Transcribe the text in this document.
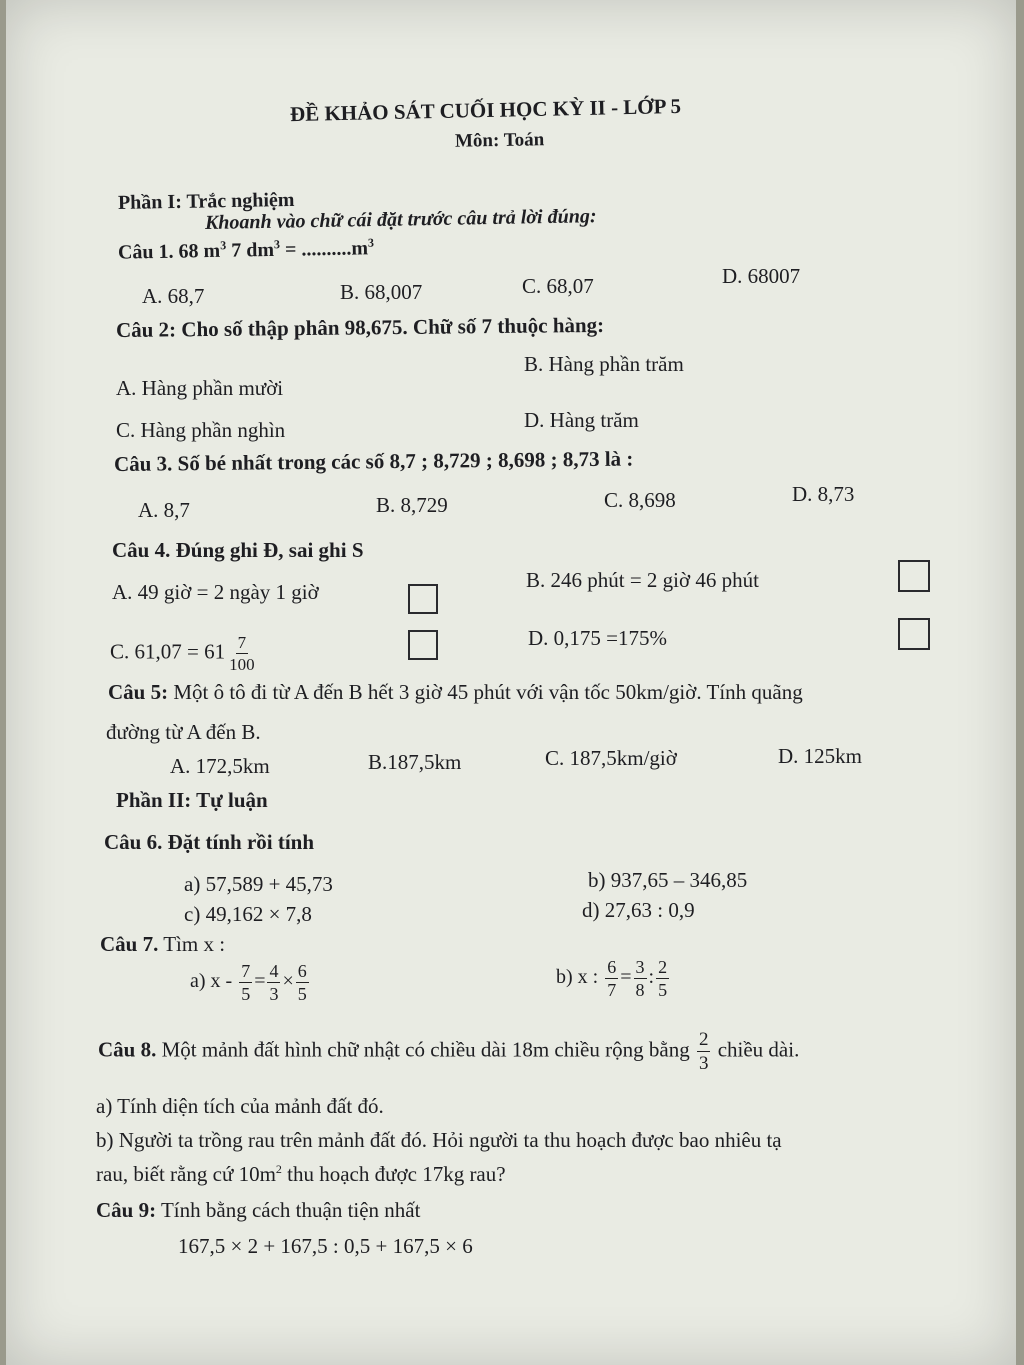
ĐỀ KHẢO SÁT CUỐI HỌC KỲ II - LỚP 5
Môn: Toán
Phần I: Trắc nghiệm
Khoanh vào chữ cái đặt trước câu trả lời đúng:
Câu 1. 68 $m^3$ 7 $dm^3 = ..........m^3$
A. 68,7	B. 68,007	C. 68,07	D. 68007
Câu 2: Cho số thập phân 98,675. Chữ số 7 thuộc hàng:
A. Hàng phần mười
B. Hàng phần trăm
C. Hàng phần nghìn	D. Hàng trăm
Câu 3. Số bé nhất trong các số 8,7 ; 8,729 ; 8,698 ; 8,73 là :
A. 8,7	B. 8,729	C. 8,698	D. 8,73
Câu 4. Đúng ghi Đ, sai ghi S
A. 49 giờ = 2 ngày 1 giờ	B. 246 phút = 2 giờ 46 phút
C. $61,07 = 61 \frac{7}{100}$	D. 0,175 =175%
Câu 5: Một ô tô đi từ A đến B hết 3 giờ 45 phút với vận tốc 50km/giờ. Tính quãng
đường từ A đến B.
A. 172,5km	B.187,5km	C. 187,5km/giờ	D. 125km
Phần II: Tự luận
Câu 6. Đặt tính rồi tính
a) 57,589 + 45,73	b) 937,65 – 346,85
c) 49,162 × 7,8	d) 27,63 : 0,9
Câu 7. Tìm x :
a) $x - \frac{7}{5} = \frac{4}{3} \times \frac{6}{5}$	b) x : $\frac{6}{7} = \frac{3}{8}$ : $\frac{2}{5}$
Câu 8. Một mảnh đất hình chữ nhật có chiều dài 18m chiều rộng bằng $\frac{2}{3}$ chiều dài.
a) Tính diện tích của mảnh đất đó.
b) Người ta trồng rau trên mảnh đất đó. Hỏi người ta thu hoạch được bao nhiêu tạ
rau, biết rằng cứ $10m^2$ thu hoạch được 17kg rau?
Câu 9: Tính bằng cách thuận tiện nhất
167,5 × 2 + 167,5 : 0,5 + 167,5 × 6
